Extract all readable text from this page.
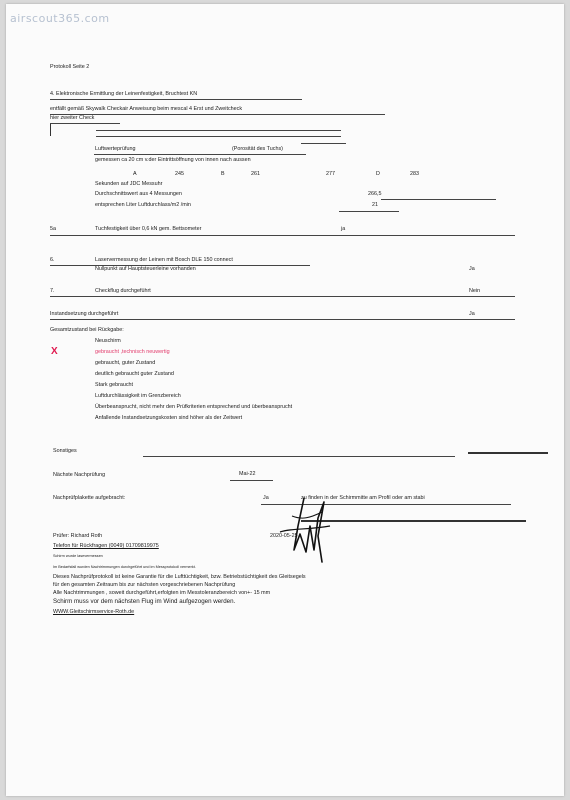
airscout365.com
Protokoll Seite 2
4. Elektronische Ermittlung der Leinenfestigkeit, Bruchtest KN
entfällt gemäß Skywalk Checkair Anweisung beim mescal 4 Erst und Zweitcheck
hier zweiter Check
Luftwerteprüfung	(Porosität des Tuchs)
gemessen ca 20 cm v.der Eintrittsöffnung von innen nach aussen
A	245	B	261	277	D	283
Sekunden auf JDC Messuhr
Durchschnittswert aus 4 Messungen	266,5
entsprechen Liter Luftdurchlass/m2 /min	21
5a	Tuchfestigkeit über 0,6 kN gem. Bettsometer	ja
6.	Laservermessung der Leinen mit Bosch DLE 150 connect
Nullpunkt auf Hauptsteuerleine vorhanden	Ja
7.	Checkflug durchgeführt	Nein
Instandsetzung durchgeführt	Ja
Gesamtzustand bei Rückgabe:
Neuschirm
X	gebraucht ,technisch neuwertig
gebraucht, guter Zustand
deutlich gebraucht guter Zustand
Stark gebraucht
Luftdurchlässigkeit im Grenzbereich
Überbeansprucht, nicht mehr den Prüfkriterien entsprechend und überbeansprucht
Anfallende Instandsetzungskosten sind höher als der Zeitwert
Sonstiges
Nächste Nachprüfung	Mai-22
Nachprüfplakette aufgebracht:	Ja	zu finden in der Schirmmitte am Profil oder am stabi
Prüfer: Richard Roth	2020-05-25
Telefon für Rückfragen (0049) 01709819975
Schirm wurde lasevermessen
Im Bedarfsfall wurden Nachtrimmungen durchgeführt und im Messprotokoll vermerkt.
Dieses Nachprüfprotokoll ist keine Garantie für die Lufttüchtigkeit, bzw. Betriebstüchtigkeit des Gleitsegels
für den gesamten Zeitraum bis zur nächsten vorgeschriebenen Nachprüfung
Alle Nachtrimmungen , soweit durchgeführt,erfolgten im Messtoleranzbereich von+- 15 mm
Schirm muss vor dem nächsten Flug im Wind aufgezogen werden.
WWW.Gleitschirmservice-Roth.de
